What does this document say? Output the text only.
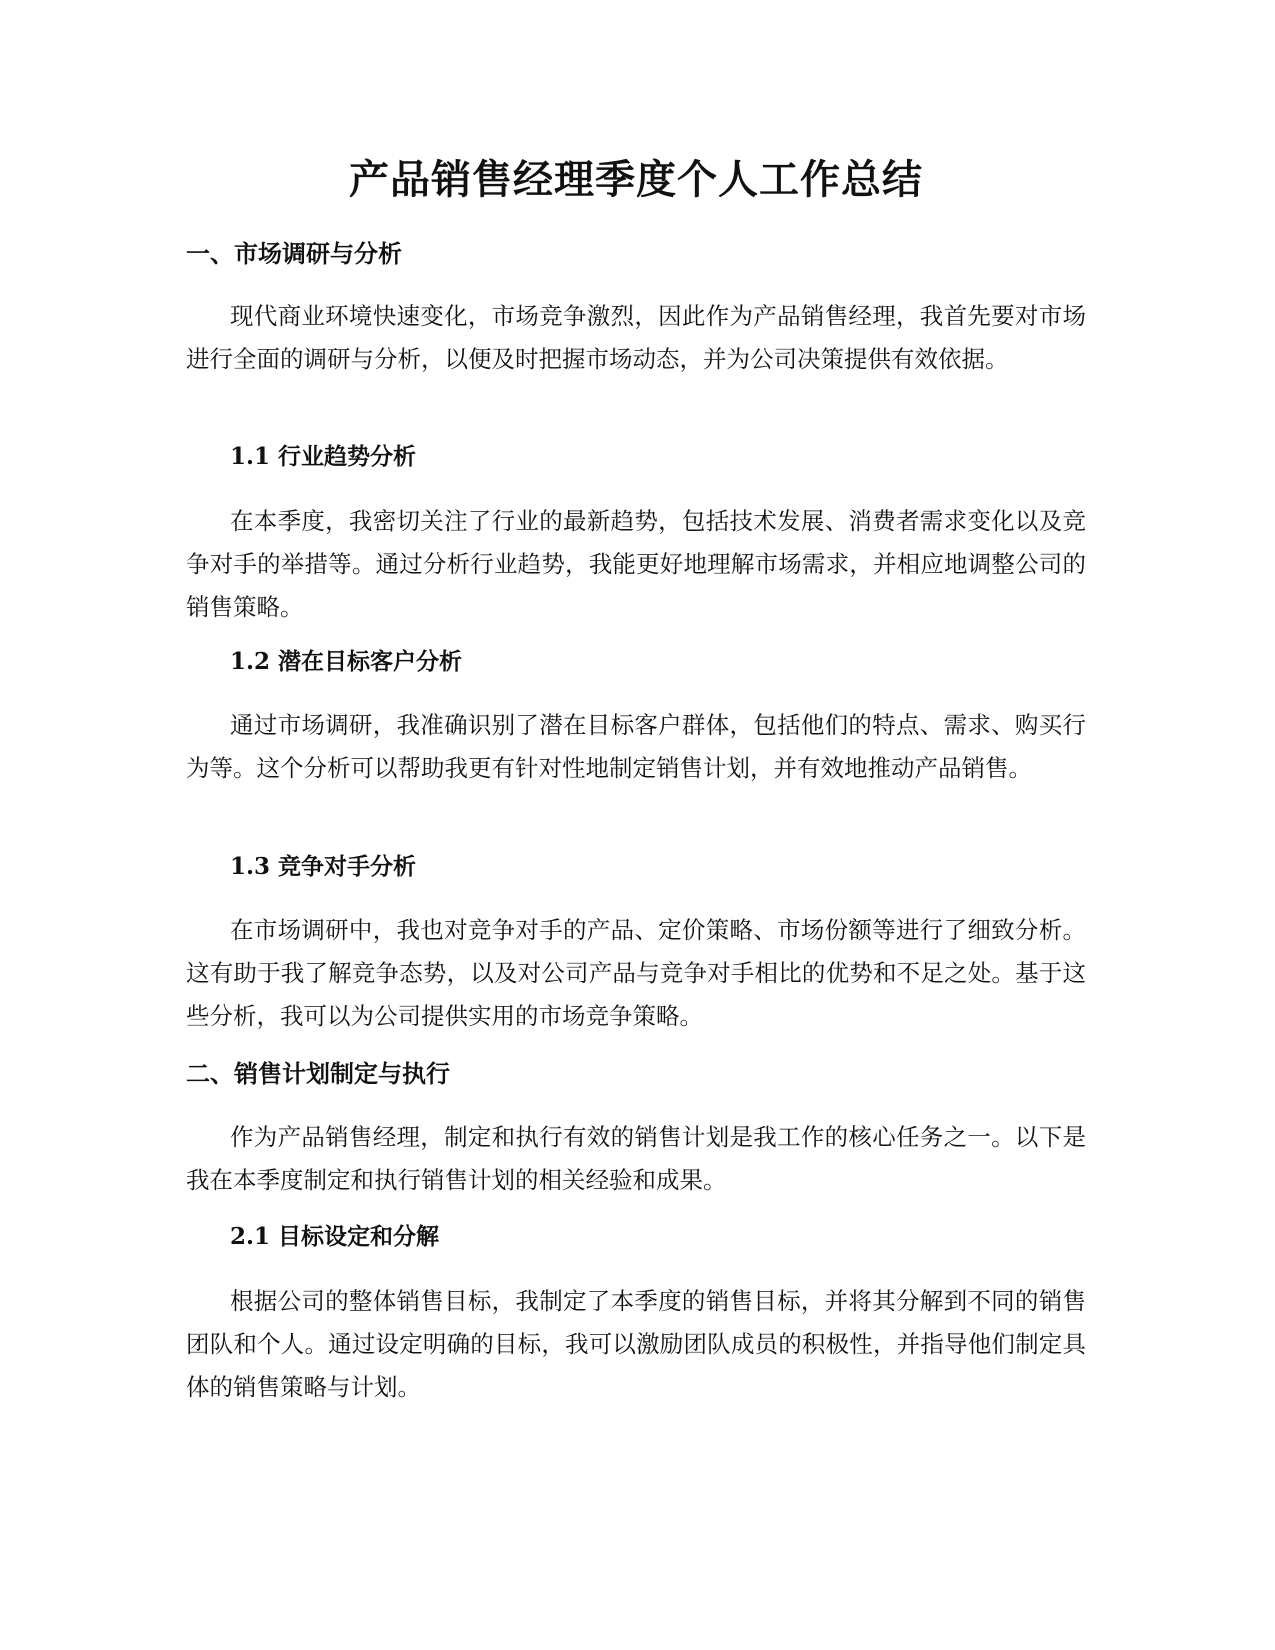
产品销售经理季度个人工作总结
一、市场调研与分析

现代商业环境快速变化，市场竞争激烈，因此作为产品销售经理，我首先要对市场进行全面的调研与分析，以便及时把握市场动态，并为公司决策提供有效依据。

1.1 行业趋势分析

在本季度，我密切关注了行业的最新趋势，包括技术发展、消费者需求变化以及竞争对手的举措等。通过分析行业趋势，我能更好地理解市场需求，并相应地调整公司的销售策略。

1.2 潜在目标客户分析

通过市场调研，我准确识别了潜在目标客户群体，包括他们的特点、需求、购买行为等。这个分析可以帮助我更有针对性地制定销售计划，并有效地推动产品销售。

1.3 竞争对手分析

在市场调研中，我也对竞争对手的产品、定价策略、市场份额等进行了细致分析。这有助于我了解竞争态势，以及对公司产品与竞争对手相比的优势和不足之处。基于这些分析，我可以为公司提供实用的市场竞争策略。

二、销售计划制定与执行

作为产品销售经理，制定和执行有效的销售计划是我工作的核心任务之一。以下是我在本季度制定和执行销售计划的相关经验和成果。

2.1 目标设定和分解

根据公司的整体销售目标，我制定了本季度的销售目标，并将其分解到不同的销售团队和个人。通过设定明确的目标，我可以激励团队成员的积极性，并指导他们制定具体的销售策略与计划。
